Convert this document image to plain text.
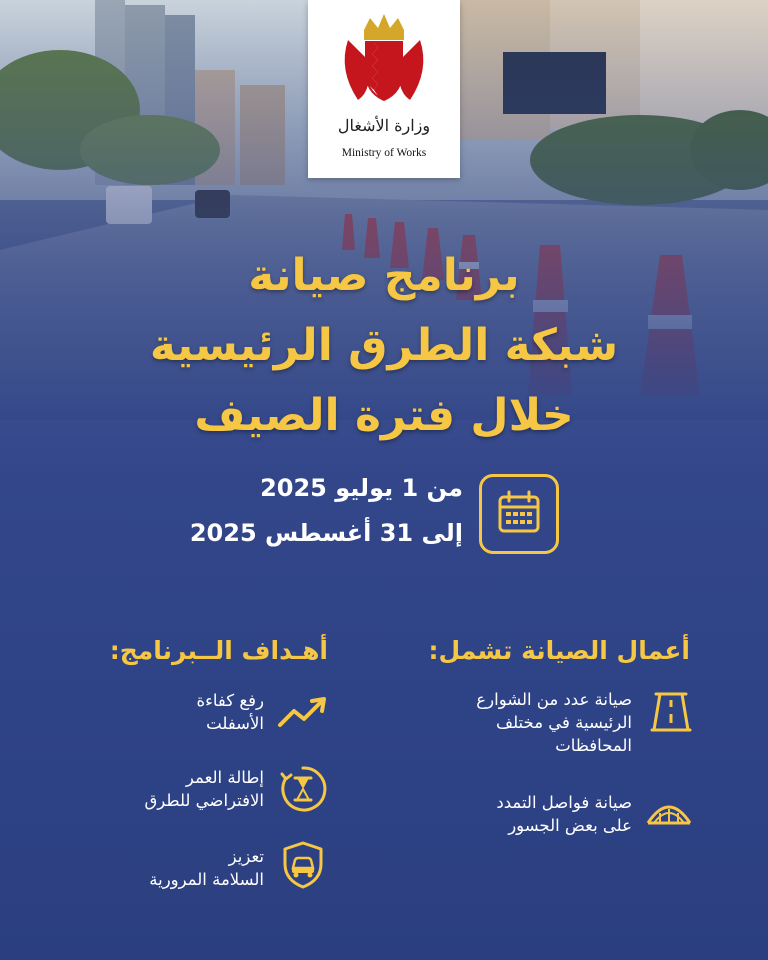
وزارة الأشغال
Ministry of Works
برنامج صيانة
شبكة الطرق الرئيسية
خلال فترة الصيف
من 1 يوليو 2025
إلى 31 أغسطس 2025
أعمال الصيانة تشمل:
صيانة عدد من الشوارع
الرئيسية في مختلف
المحافظات
صيانة فواصل التمدد
على بعض الجسور
أهـداف الــبرنامج:
رفع كفاءة
الأسفلت
إطالة العمر
الافتراضي للطرق
تعزيز
السلامة المرورية
